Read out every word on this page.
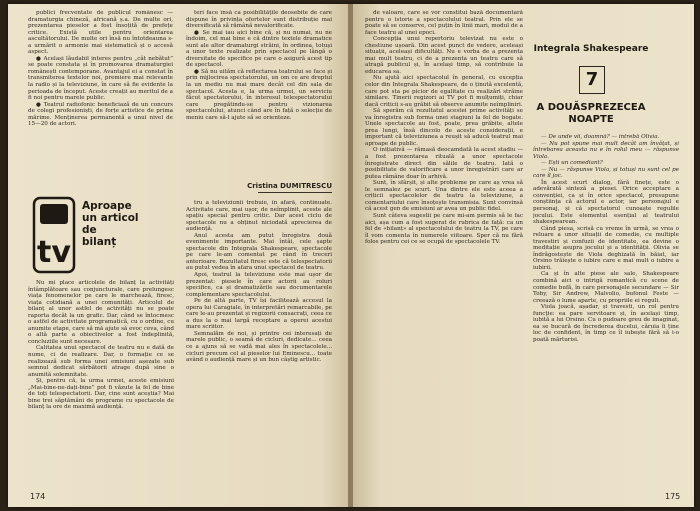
publici frecventate de publicul românesc — dramaturgia chineză, africană ș.a. De multe ori, prezentarea pieselor a fost însoțită de prefețe critice. Există utile pentru orientarea ascultătorului. De multe ori însă nu întotdeauna s-a urmărit o armonie mai sistematică și o accesă aspect.

● Același lăudabil interes pentru „cât nebătut” se poate constata și în promovarea dramaturgiei românești contemporane. Avantajul ei a constat în transmiterea textelor noi, premiere mai relevante la radio și la televiziune, în care să fie evidente la perioada de început. Aceste creații au meritul de a fi noi pentru marele public.

● Teatrul radiofonic beneficiază de un concurs de colegi profesioniști, de forțe artistice de prima mărime. Menținerea permanentă a unui nivel de 15—20 de actori.

teri face însă ca posibilitățile deosebite de care dispune în privința ofertelor sunt distribuție mai diversificată să rămână nevalorificate.

● Se mai iau aici bine că, și nu numai, nu ne îndoim, cel mai bine e că dintre textele dramatice sunt ale altor dramaturgi străini, în ordinea, totuși a unor texte realizate prin spectacol pe lângă o diversitate de specifice pe care o asigură acest tip de spectacol.

● Să nu uităm că reflectarea teatrului se face și prin mijlocirea spectatorului, un om ce are dreptul la un mediu nu mai mare decât cel din sala de spectacol. Acesta e, la urma urmei, un serviciu făcut spectatorului, în interesul telespectatorului care pregătindu-se pentru vizionarea spectacolului, atunci când are în față o selecție de meniu care să-l ajute să se orienteze.

Cristina DUMITRESCU
tv
Aproape
un articol
de
bilanț

Nu mi place articolele de bilanț la activități întâmplătoare sau conjuncturale, care prelungesc viața fenomenelor pe care le marchează, firesc, viața cotidiană a unei comunități. Articolul de bilanț al unor astfel de activități nu se poate raporta decât la un grafic. Dar, când se întocmesc o astfel de activitate programatică, cu o ordine, cu anumite etape, care să mă ajute să evoc ceva, când o altă parte a obiectivelor a fost îndeplinită, concluziile sunt necesare.

Calitatea unui spectacol de teatru nu e dată de nume, ci de realizare. Dar, o formație ce se realizează sub forma unei emisiuni așezate sub semnul dedicat sărbătorii atrage după sine o anumită solemnitate.

Și, pentru că, la urma urmei, aceste emisiuni „Mai-bine-ne-dați-bine” pot fi văzute la fel de bine de toți telespectatorii. Dar, cine sunt aceștia? Mai bine trei săptămâni de programe cu spectacole de bilanț la ore de maximă audiență.

tru a televiziunii trebuie, în afară, continuate. Activitate care, mai ușor, de neîmplinit, aceste ale spațiu special pentru critic. Dar acest ciclu de spectacole nu a obținut niciodată aprecierea de audiență.

Anul acesta am putut înregistra două evenimente importante. Mai întâi, cele șapte spectacole din Integrala Shakespeare, spectacole pe care le-am comentat pe rând în treceri anterioare. Rezultatul firesc este că telespectatorii au putut vedea în afara unui spectacol de teatru.

Apoi, teatrul la televiziune este mai ușor de prezentat: piesele în care actorii au roluri specifice, ca și dramatizările sau documentarele complementare spectacolului.

Pe de altă parte, TV își facilitează accesul la opera lui Caragiale, în interpretări remarcabile, pe care le-au prezentat și regizorii consacrați, ceea ce a dus la o mai largă receptare a operei acestui mare scriitor.

Semnalăm de noi, și printre cei interesați de marele public, o seamă de cicluri, dedicate... ceea ce a ajuns să se vadă mai ales în spectacolele... cicluri precum cel al pieselor lui Eminescu... toate având o audiență mare și un bun câștig artistic.

174

de valoare, care se vor constitui bază documentară pentru o istorie a spectacolului teatral. Prin ele se poate să se conserve, cel puțin în linii mari, modul de a face teatru al unei epoci.

Concepția unui repertoriu televizat nu este o chestiune ușoară. Din acest punct de vedere, aceleași situații, aceleași dificultăți. Nu e vorba de a prezenta mai mult teatru, ci de a prezenta un teatru care să atragă publicul și, în același timp, să contribuie la educarea sa.

Nu ajută aici spectacolul în general, cu excepția celor din Integrala Shakespeare, de o ținută excelentă, care pot sta pe picior de egalitate cu realizări străine similare. Tinerii regizori ai TV pot fi mulțumiți, chiar dacă criticii s-au grăbit să observe anumite neîmpliniri.

Să sperăm că rezultatul acestei prime activități se va înregistra sub forma unei stagiuni la fel de bogate. Unele spectacole au fost, poate, prea grăbite, altele prea lungi, însă dincolo de aceste considerații, e important că televiziunea a reușit să aducă teatrul mai aproape de public.

O inițiativă — rămasă deocamdată la acest stadiu — a fost prezentarea rituală a unor spectacole înregistrate direct din sălile de teatru. Iată o posibilitate de valorificare a unor înregistrări care ar putea rămâne doar în arhivă.

Sunt, în sfârșit, și alte probleme pe care aș vrea să le semnalez pe scurt. Una dintre ele este aceea a criticii spectacolelor de teatru la televiziune, a comentariului care însoțește transmisia. Sunt convinsă că acest gen de emisiuni ar avea un public fidel.

Sunt câteva sugestii pe care mi-am permis să le fac aici, așa cum a fost sugerat de rubrica de față: ca un fel de «bilanț» al spectacolului de teatru la TV, pe care îl vom comenta în numerele viitoare. Sper că nu fără folos pentru cei ce se ocupă de spectacolele TV.

Integrala Shakespeare
7
A DOUĂSPREZECEA
NOAPTE

— De unde vii, doamnă? — întrebă Olivia.

— Nu pot spune mai mult decât am învățat, și întrebarea aceasta nu e în rolul meu — răspunse Viola.

— Ești un comediant?

— Nu — răspunse Viola, și totuși nu sunt cel pe care îl joc.

În acest scurt dialog, fără finețe, este o adevărată sinteză a piesei. Orice acceptare a convenției, ca și în orice spectacol, presupune conștiința că actorul e actor, iar personajul e personaj, și că spectatorul cunoaște regulile jocului. Este elementul esențial al teatrului shakespearean.

Când piesa, scrisă cu vreme în urmă, se vrea o reluare a unor situații de comedie, cu multiple travestiri și confuzii de identitate, ea devine o meditație asupra jocului și a identității. Olivia se îndrăgostește de Viola deghizată în băiat, iar Orsino trăiește o iubire care e mai mult o iubire a iubirii.

Ca și în alte piese ale sale, Shakespeare combină aici o intrigă romantică cu scene de comedie bufă, în care personajele secundare — Sir Toby, Sir Andrew, Malvolio, bufonul Feste — creează o lume aparte, cu propriile ei reguli.

Viola joacă, așadar, și travesti, un rol pentru funcție: ea pare servitoare și, în același timp, iubită a lui Orsino. Cu o pudoare greu de imaginat, ea se bucură de încrederea ducelui, căruia îi ține loc de confident, în timp ce îl iubește fără să i-o poată mărturisi.

175
